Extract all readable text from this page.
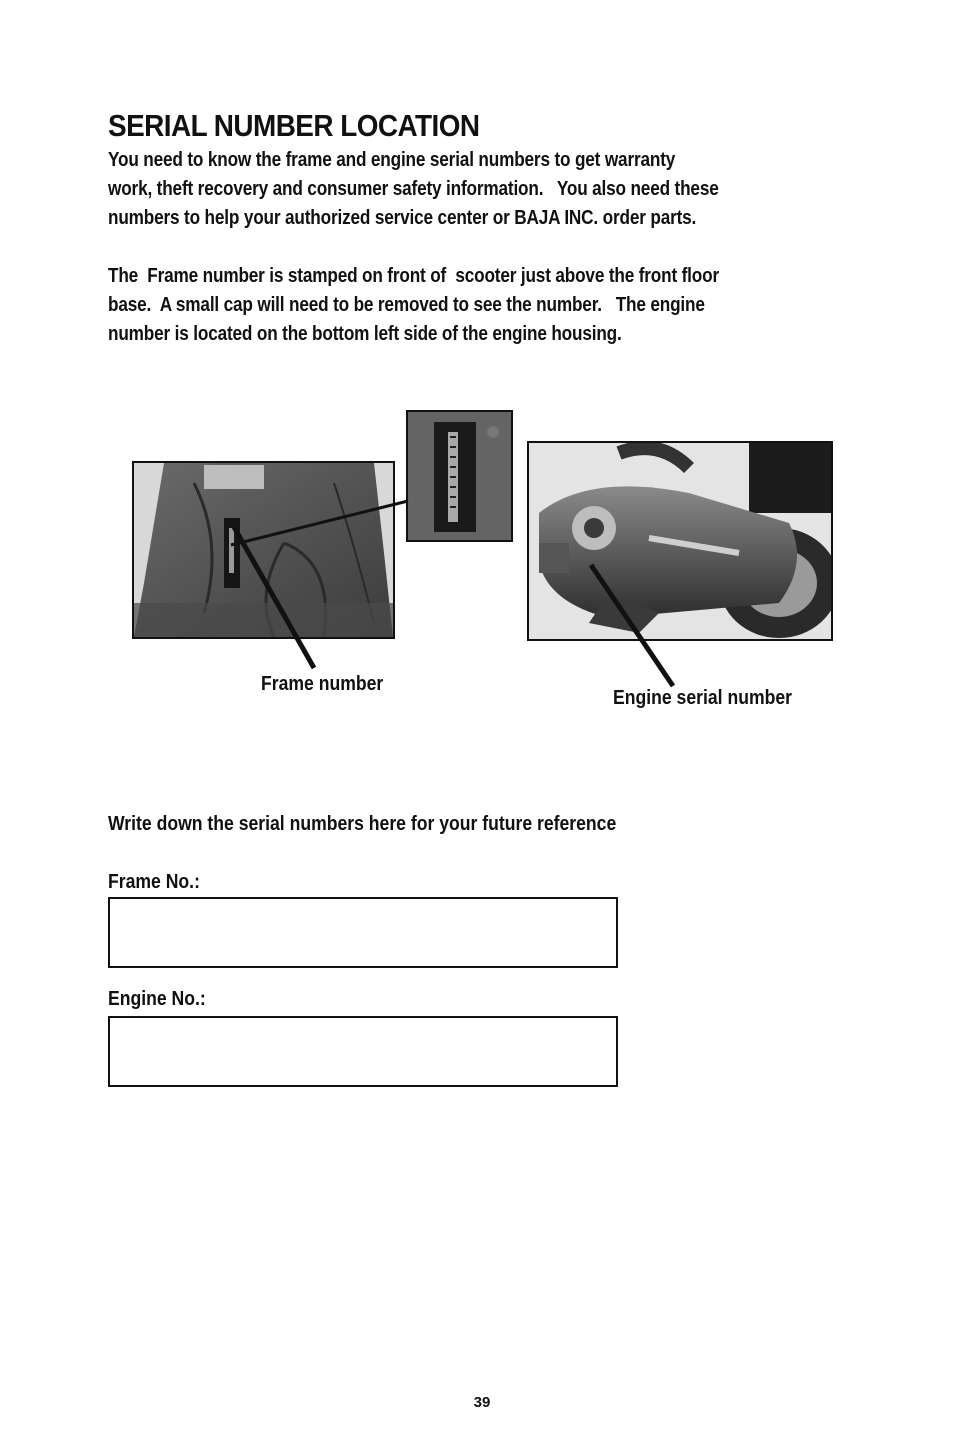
SERIAL NUMBER LOCATION
You need to know the frame and engine serial numbers to get warranty
work, theft recovery and consumer safety information.   You also need these
numbers to help your authorized service center or BAJA INC. order parts.
The  Frame number is stamped on front of  scooter just above the front floor
base.  A small cap will need to be removed to see the number.   The engine
number is located on the bottom left side of the engine housing.
Frame number
Engine serial number
Write down the serial numbers here for your future reference
Frame No.:
Engine No.:
39
